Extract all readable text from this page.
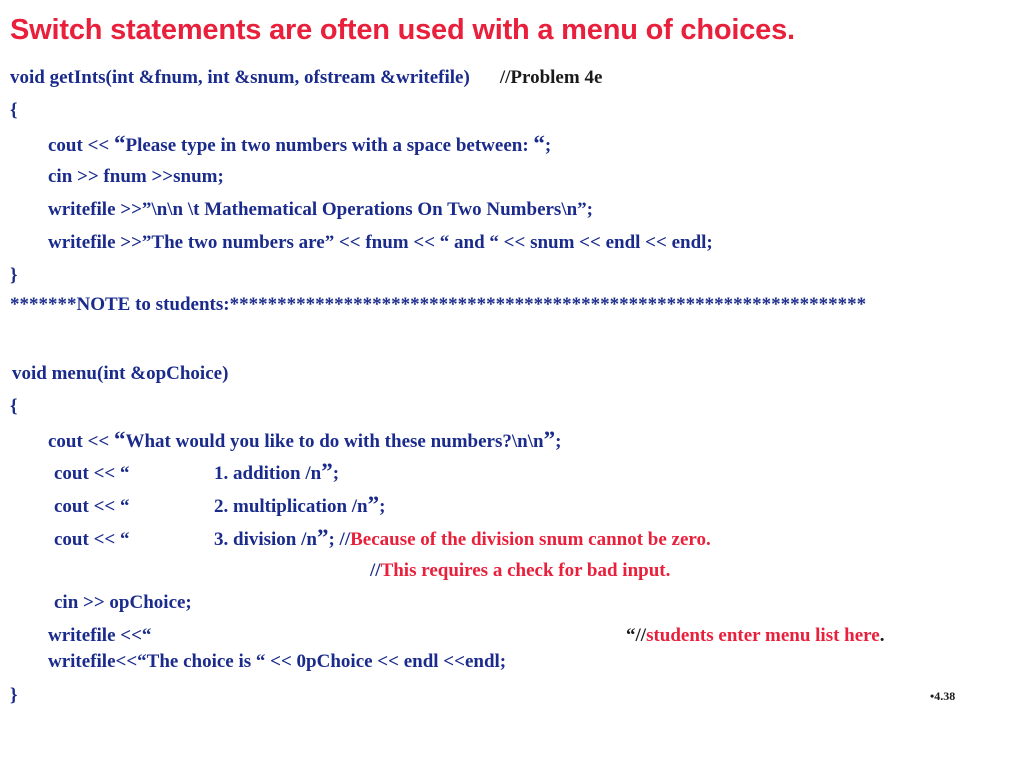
Switch statements are often used with a menu of choices.
void getInts(int &fnum, int &snum, ofstream &writefile) //Problem 4e
{
cout << “Please type in two numbers with a space between: “;
cin >> fnum >>snum;
writefile >>”\n\n \t Mathematical Operations On Two Numbers\n”;
writefile >>”The two numbers are” << fnum << “ and “ << snum << endl << endl;
}
*******NOTE to students:*******************************************************************
void menu(int &opChoice)
{
cout << “What would you like to do with these numbers?\n\n”;
cout << “	1. addition /n”;
cout << “	2. multiplication /n”;
cout << “	3. division /n”; //Because of the division snum cannot be zero.
//This requires a check for bad input.
cin >> opChoice;
writefile <<“	“//students enter menu list here.
writefile<<“The choice is “ << 0pChoice << endl <<endl;
}	•4.38
